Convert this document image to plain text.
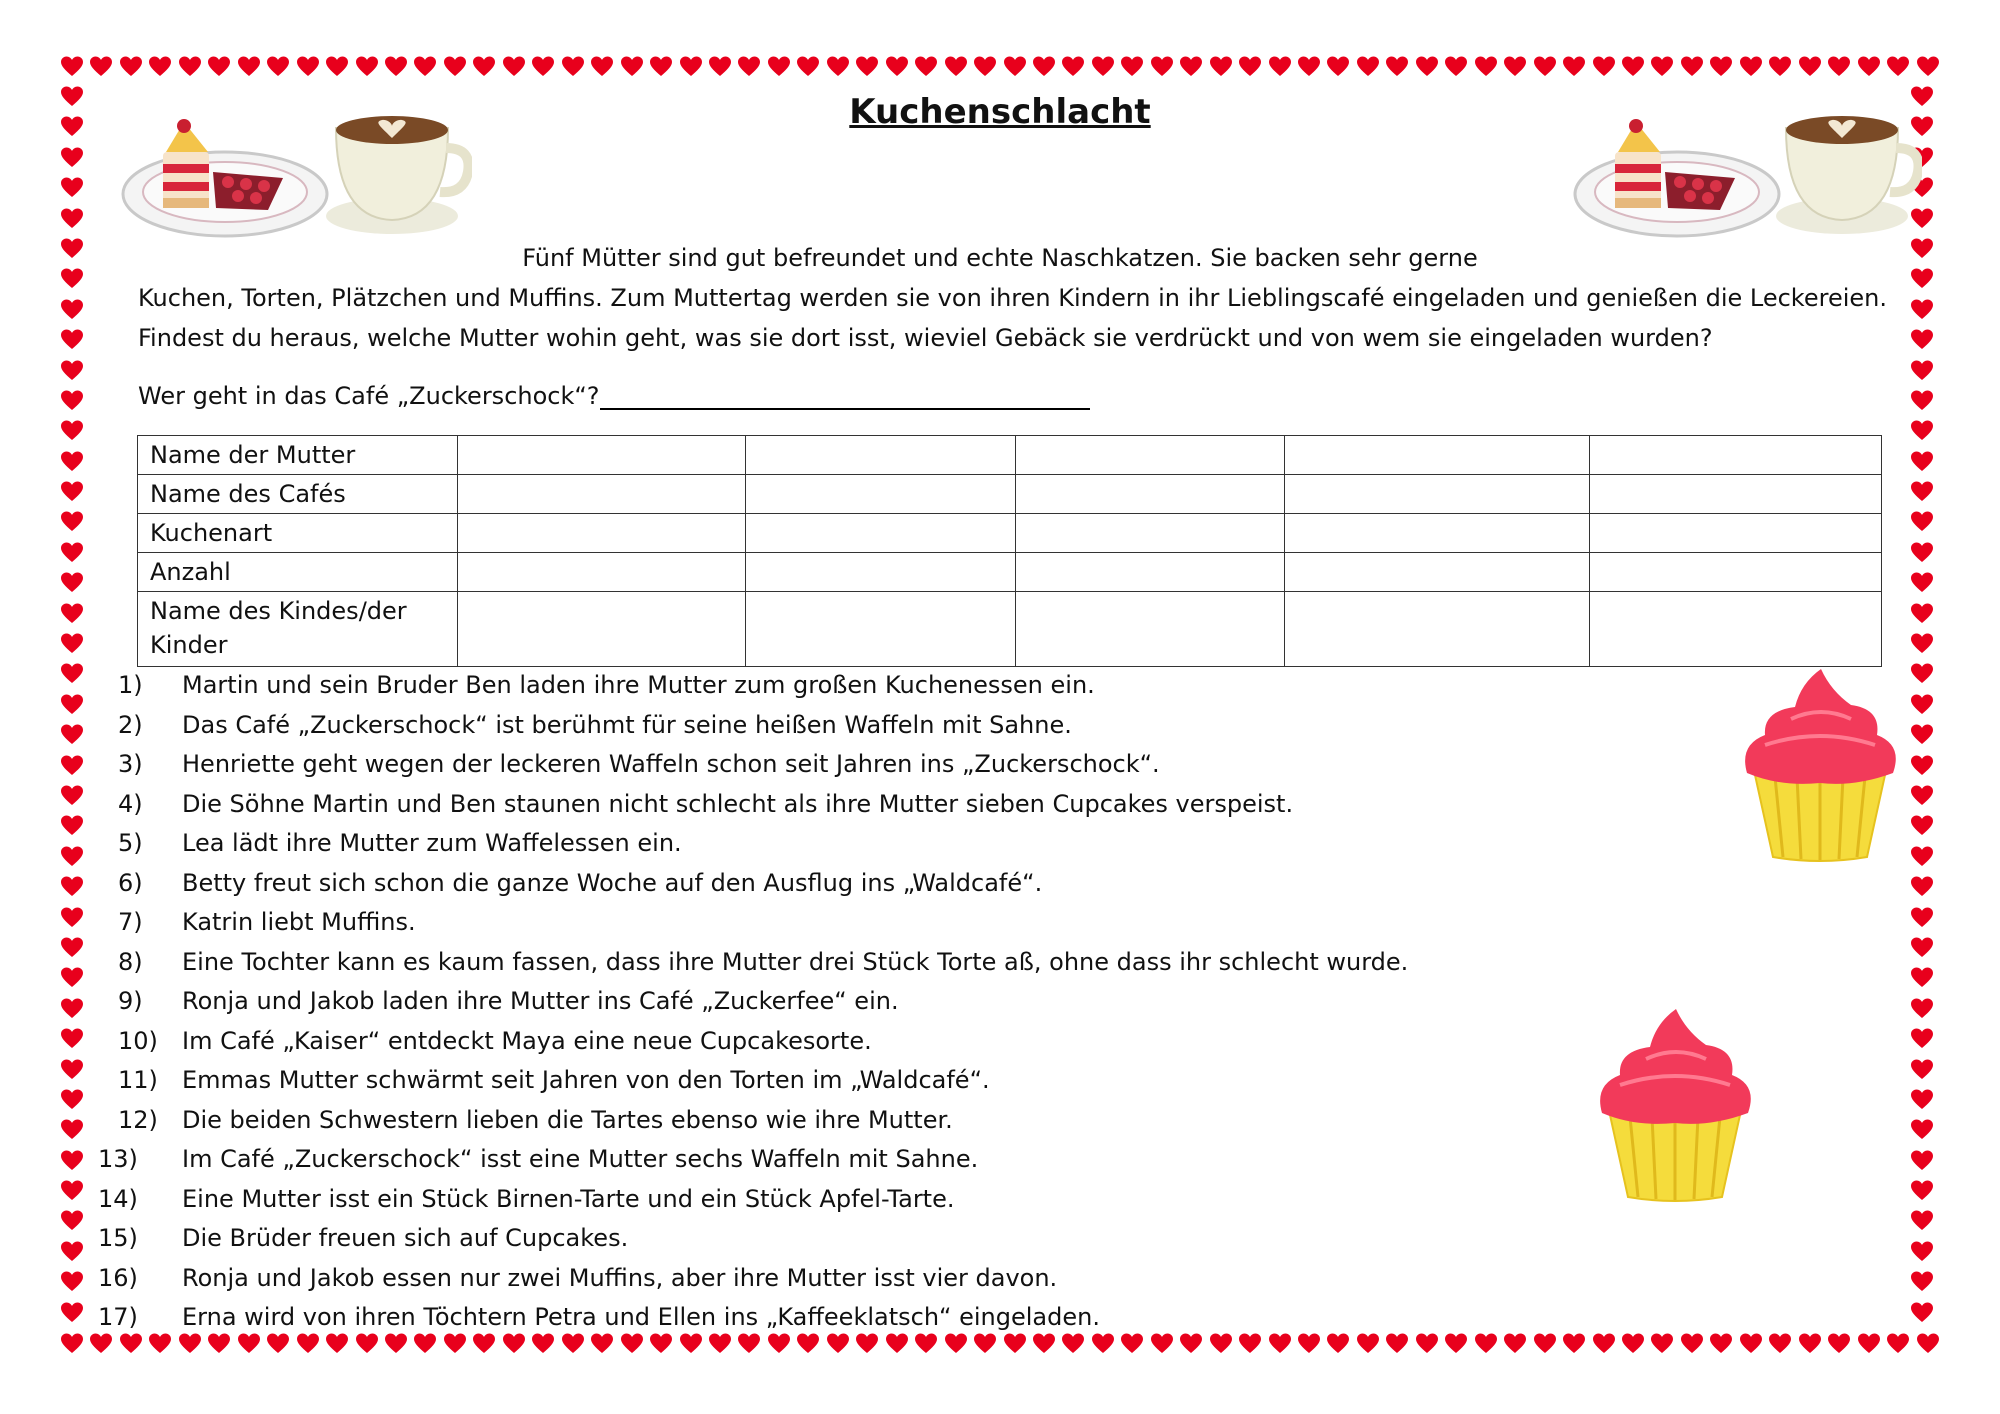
Kuchenschlacht
Fünf Mütter sind gut befreundet und echte Naschkatzen. Sie backen sehr gerne
Kuchen, Torten, Plätzchen und Muffins. Zum Muttertag werden sie von ihren Kindern in ihr Lieblingscafé eingeladen und genießen die Leckereien.
Findest du heraus, welche Mutter wohin geht, was sie dort isst, wieviel Gebäck sie verdrückt und von wem sie eingeladen wurden?
Wer geht in das Café „Zuckerschock“?
Name der Mutter					
Name des Cafés					
Kuchenart					
Anzahl					
Name des Kindes/der Kinder					
1)	Martin und sein Bruder Ben laden ihre Mutter zum großen Kuchenessen ein.
2)	Das Café „Zuckerschock“ ist berühmt für seine heißen Waffeln mit Sahne.
3)	Henriette geht wegen der leckeren Waffeln schon seit Jahren ins „Zuckerschock“.
4)	Die Söhne Martin und Ben staunen nicht schlecht als ihre Mutter sieben Cupcakes verspeist.
5)	Lea lädt ihre Mutter zum Waffelessen ein.
6)	Betty freut sich schon die ganze Woche auf den Ausflug ins „Waldcafé“.
7)	Katrin liebt Muffins.
8)	Eine Tochter kann es kaum fassen, dass ihre Mutter drei Stück Torte aß, ohne dass ihr schlecht wurde.
9)	Ronja und Jakob laden ihre Mutter ins Café „Zuckerfee“ ein.
10)	Im Café „Kaiser“ entdeckt Maya eine neue Cupcakesorte.
11)	Emmas Mutter schwärmt seit Jahren von den Torten im „Waldcafé“.
12)	Die beiden Schwestern lieben die Tartes ebenso wie ihre Mutter.
13)	Im Café „Zuckerschock“ isst eine Mutter sechs Waffeln mit Sahne.
14)	Eine Mutter isst ein Stück Birnen-Tarte und ein Stück Apfel-Tarte.
15)	Die Brüder freuen sich auf Cupcakes.
16)	Ronja und Jakob essen nur zwei Muffins, aber ihre Mutter isst vier davon.
17)	Erna wird von ihren Töchtern Petra und Ellen ins „Kaffeeklatsch“ eingeladen.
